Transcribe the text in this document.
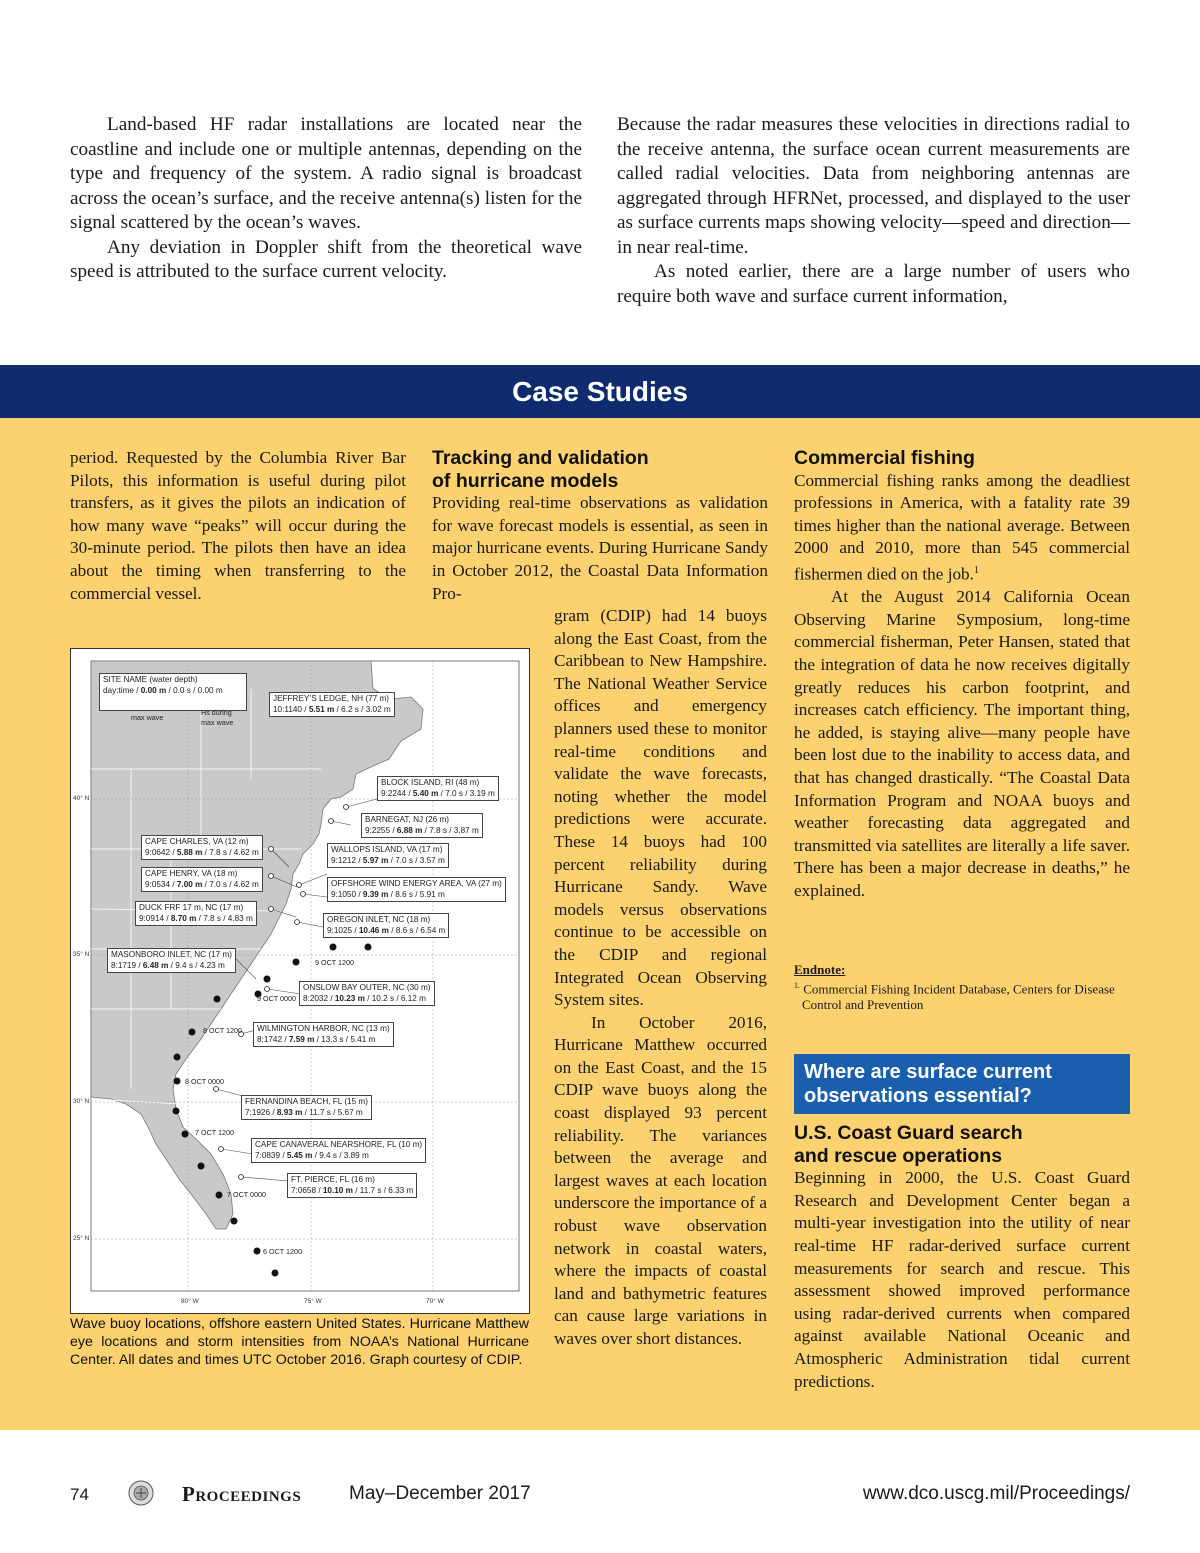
Land-based HF radar installations are located near the coastline and include one or multiple antennas, depending on the type and frequency of the system. A radio signal is broadcast across the ocean’s surface, and the receive antenna(s) listen for the signal scattered by the ocean’s waves.

Any deviation in Doppler shift from the theoretical wave speed is attributed to the surface current velocity.

Because the radar measures these velocities in directions radial to the receive antenna, the surface ocean current measurements are called radial velocities. Data from neighboring antennas are aggregated through HFRNet, processed, and displayed to the user as surface currents maps showing velocity—speed and direction—in near real-time.

As noted earlier, there are a large number of users who require both wave and surface current information,

Case Studies

period. Requested by the Columbia River Bar Pilots, this information is useful during pilot transfers, as it gives the pilots an indication of how many wave “peaks” will occur during the 30-minute period. The pilots then have an idea about the timing when transferring to the commercial vessel.

Tracking and validation of hurricane models

Providing real-time observations as validation for wave forecast models is essential, as seen in major hurricane events. During Hurricane Sandy in October 2012, the Coastal Data Information Pro-

gram (CDIP) had 14 buoys along the East Coast, from the Caribbean to New Hampshire. The National Weather Service offices and emergency planners used these to monitor real-time conditions and validate the wave forecasts, noting whether the model predictions were accurate. These 14 buoys had 100 percent reliability during Hurricane Sandy. Wave models versus observations continue to be accessible on the CDIP and regional Integrated Ocean Observing System sites.

In October 2016, Hurricane Matthew occurred on the East Coast, and the 15 CDIP wave buoys along the coast displayed 93 percent reliability. The variances between the average and largest waves at each location underscore the importance of a robust wave observation network in coastal waters, where the impacts of coastal land and bathymetric features can cause large variations in waves over short distances.

SITE NAME (water depth)
day:time / 0.00 m / 0.0 s / 0.00 m
Hs during
max wave
max wave
JEFFREY’S LEDGE, NH (77 m)
10:1140 / 5.51 m / 6.2 s / 3.02 m
BLOCK ISLAND, RI (48 m)
9:2244 / 5.40 m / 7.0 s / 3.19 m
BARNEGAT, NJ (26 m)
9:2255 / 6.88 m / 7.8 s / 3.87 m
CAPE CHARLES, VA (12 m)
9:0642 / 5.88 m / 7.8 s / 4.62 m	WALLOPS ISLAND, VA (17 m)
9:1212 / 5.97 m / 7.0 s / 3.57 m
CAPE HENRY, VA (18 m)
9:0534 / 7.00 m / 7.0 s / 4.62 m	OFFSHORE WIND ENERGY AREA, VA (27 m)
9:1050 / 9.39 m / 8.6 s / 5.91 m
DUCK FRF 17 m, NC (17 m)
9:0914 / 8.70 m / 7.8 s / 4.83 m	OREGON INLET, NC (18 m)
9:1025 / 10.46 m / 8.6 s / 6.54 m
MASONBORO INLET, NC (17 m)
8:1719 / 6.48 m / 9.4 s / 4.23 m
ONSLOW BAY OUTER, NC (30 m)
8:2032 / 10.23 m / 10.2 s / 6.12 m
WILMINGTON HARBOR, NC (13 m)
8:1742 / 7.59 m / 13.3 s / 5.41 m
FERNANDINA BEACH, FL (15 m)
7:1926 / 8.93 m / 11.7 s / 5.67 m
CAPE CANAVERAL NEARSHORE, FL (10 m)
7:0839 / 5.45 m / 9.4 s / 3.89 m
FT. PIERCE, FL (16 m)
7:0658 / 10.10 m / 11.7 s / 6.33 m
9 OCT 1200
9 OCT 0000
8 OCT 1200
8 OCT 0000
7 OCT 1200
7 OCT 0000
6 OCT 1200
40° N
35° N
30° N
25° N
80° W	75° W	70° W
Wave buoy locations, offshore eastern United States. Hurricane Matthew eye locations and storm intensities from NOAA’s National Hurricane Center. All dates and times UTC October 2016. Graph courtesy of CDIP.
Commercial fishing

Commercial fishing ranks among the deadliest professions in America, with a fatality rate 39 times higher than the national average. Between 2000 and 2010, more than 545 commercial fishermen died on the job.$^1$

At the August 2014 California Ocean Observing Marine Symposium, long-time commercial fisherman, Peter Hansen, stated that the integration of data he now receives digitally greatly reduces his carbon footprint, and increases catch efficiency. The important thing, he added, is staying alive—many people have been lost due to the inability to access data, and that has changed drastically. “The Coastal Data Information Program and NOAA buoys and weather forecasting data aggregated and transmitted via satellites are literally a life saver. There has been a major decrease in deaths,” he explained.

Endnote:
$^{1.}$ Commercial Fishing Incident Database, Centers for Disease Control and Prevention
Where are surface current observations essential?
U.S. Coast Guard search and rescue operations

Beginning in 2000, the U.S. Coast Guard Research and Development Center began a multi-year investigation into the utility of near real-time HF radar-derived surface current measurements for search and rescue. This assessment showed improved performance using radar-derived currents when compared against available National Oceanic and Atmospheric Administration tidal current predictions.

74	Proceedings	May–December 2017	www.dco.uscg.mil/Proceedings/
